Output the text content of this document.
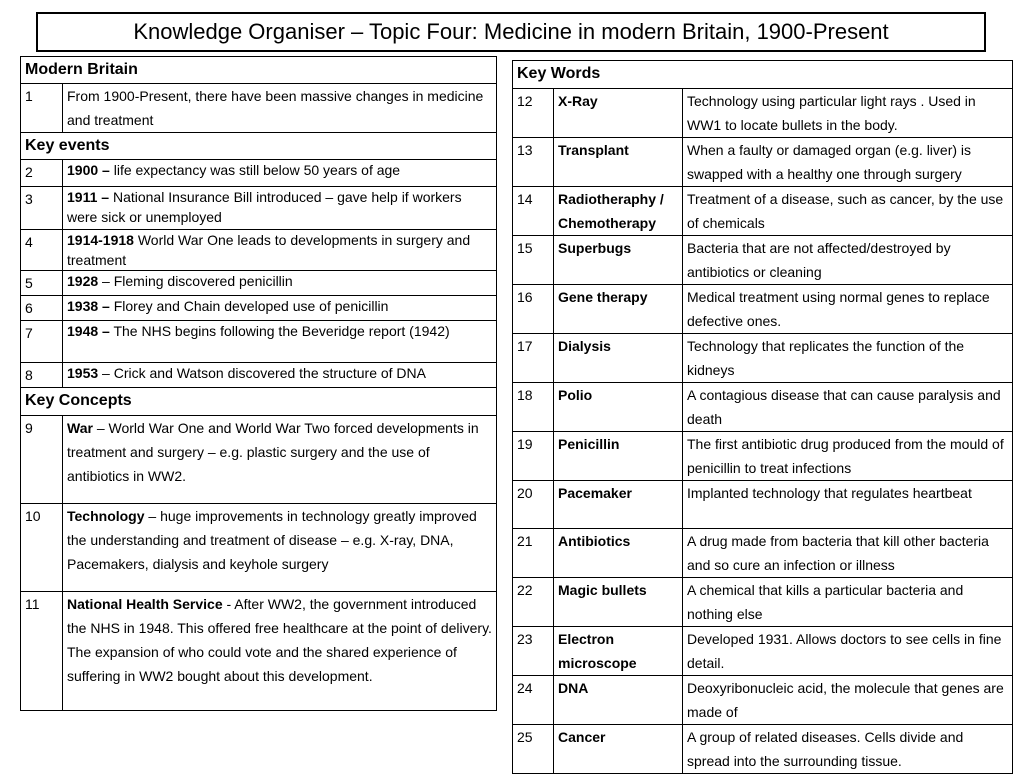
Knowledge Organiser – Topic Four: Medicine in modern Britain, 1900-Present
Modern Britain	
1	From 1900-Present, there have been massive changes in medicine and treatment
Key events	
2	1900 – life expectancy was still below 50 years of age
3	1911 – National Insurance Bill introduced – gave help if workers were sick or unemployed
4	1914-1918 World War One leads to developments in surgery and treatment
5	1928 – Fleming discovered penicillin
6	1938 – Florey and Chain developed use of penicillin
7	1948 – The NHS begins following the Beveridge report (1942)
8	1953 – Crick and Watson discovered the structure of DNA
Key Concepts	
9	War – World War One and World War Two forced developments in treatment and surgery – e.g. plastic surgery and the use of antibiotics in WW2.
10	Technology – huge improvements in technology greatly improved the understanding and treatment of disease – e.g. X-ray, DNA, Pacemakers, dialysis and keyhole surgery
11	National Health Service - After WW2, the government introduced the NHS in 1948. This offered free healthcare at the point of delivery. The expansion of who could vote and the shared experience of suffering in WW2 bought about this development.
Key Words		
12	X-Ray	Technology using particular light rays . Used in WW1 to locate bullets in the body.
13	Transplant	When a faulty or damaged organ (e.g. liver) is swapped with a healthy one through surgery
14	Radiotheraphy / Chemotherapy	Treatment of a disease, such as cancer, by the use of chemicals
15	Superbugs	Bacteria that are not affected/destroyed by antibiotics or cleaning
16	Gene therapy	Medical treatment using normal genes to replace defective ones.
17	Dialysis	Technology that replicates the function of the kidneys
18	Polio	A contagious disease that can cause paralysis and death
19	Penicillin	The first antibiotic drug produced from the mould of penicillin to treat infections
20	Pacemaker	Implanted technology that regulates heartbeat
21	Antibiotics	A drug made from bacteria that kill other bacteria and so cure an infection or illness
22	Magic bullets	A chemical that kills a particular bacteria and nothing else
23	Electron microscope	Developed 1931. Allows doctors to see cells in fine detail.
24	DNA	Deoxyribonucleic acid, the molecule that genes are made of
25	Cancer	A group of related diseases. Cells divide and spread into the surrounding tissue.
